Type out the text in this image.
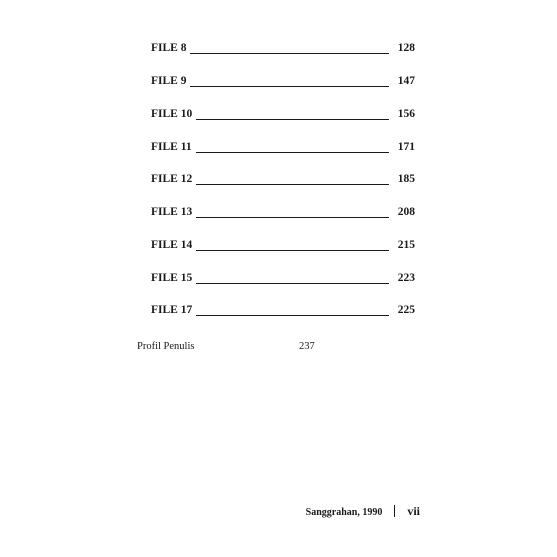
FILE 8	128
FILE 9	147
FILE 10	156
FILE 11	171
FILE 12	185
FILE 13	208
FILE 14	215
FILE 15	223
FILE 17	225
Profil Penulis	237
Sanggrahan, 1990 vii
